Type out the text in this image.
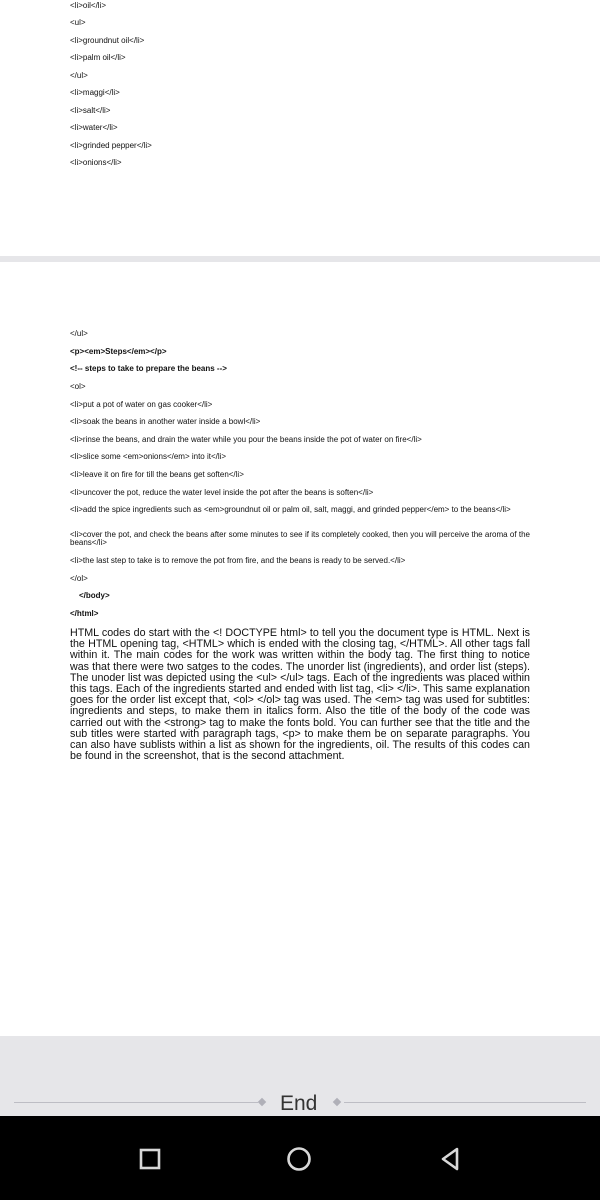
<li>oil</li>

<ul>

<li>groundnut oil</li>

<li>palm oil</li>

</ul>

<li>maggi</li>

<li>salt</li>

<li>water</li>

<li>grinded pepper</li>

<li>onions</li>

</ul>

<p><em>Steps</em></p>

<!-- steps to take to prepare the beans -->

<ol>

<li>put a pot of water on gas cooker</li>

<li>soak the beans in another water inside a bowl</li>

<li>rinse the beans, and drain the water while you pour the beans inside the pot of water on fire</li>

<li>slice some <em>onions</em> into it</li>

<li>leave it on fire for till the beans get soften</li>

<li>uncover the pot, reduce the water level inside the pot after the beans is soften</li>

<li>add the spice ingredients such as <em>groundnut oil or palm oil, salt, maggi, and grinded pepper</em> to the beans</li>

<li>cover the pot, and check the beans after some minutes to see if its completely cooked, then you will perceive the aroma of the beans</li>

<li>the last step to take is to remove the pot from fire, and the beans is ready to be served.</li>

</ol>

</body>

</html>

HTML codes do start with the <! DOCTYPE html> to tell you the document type is HTML. Next is the HTML opening tag, <HTML> which is ended with the closing tag, </HTML>. All other tags fall within it. The main codes for the work was written within the body tag. The first thing to notice was that there were two satges to the codes. The unorder list (ingredients), and order list (steps). The unoder list was depicted using the <ul> </ul> tags. Each of the ingredients was placed within this tags. Each of the ingredients started and ended with list tag, <li> </li>. This same explanation goes for the order list except that, <ol> </ol> tag was used. The <em> tag was used for subtitles: ingredients and steps, to make them in italics form. Also the title of the body of the code was carried out with the <strong> tag to make the fonts bold. You can further see that the title and the sub titles were started with paragraph tags, <p> to make them be on separate paragraphs. You can also have sublists within a list as shown for the ingredients, oil. The results of this codes can be found in the screenshot, that is the second attachment.

End
